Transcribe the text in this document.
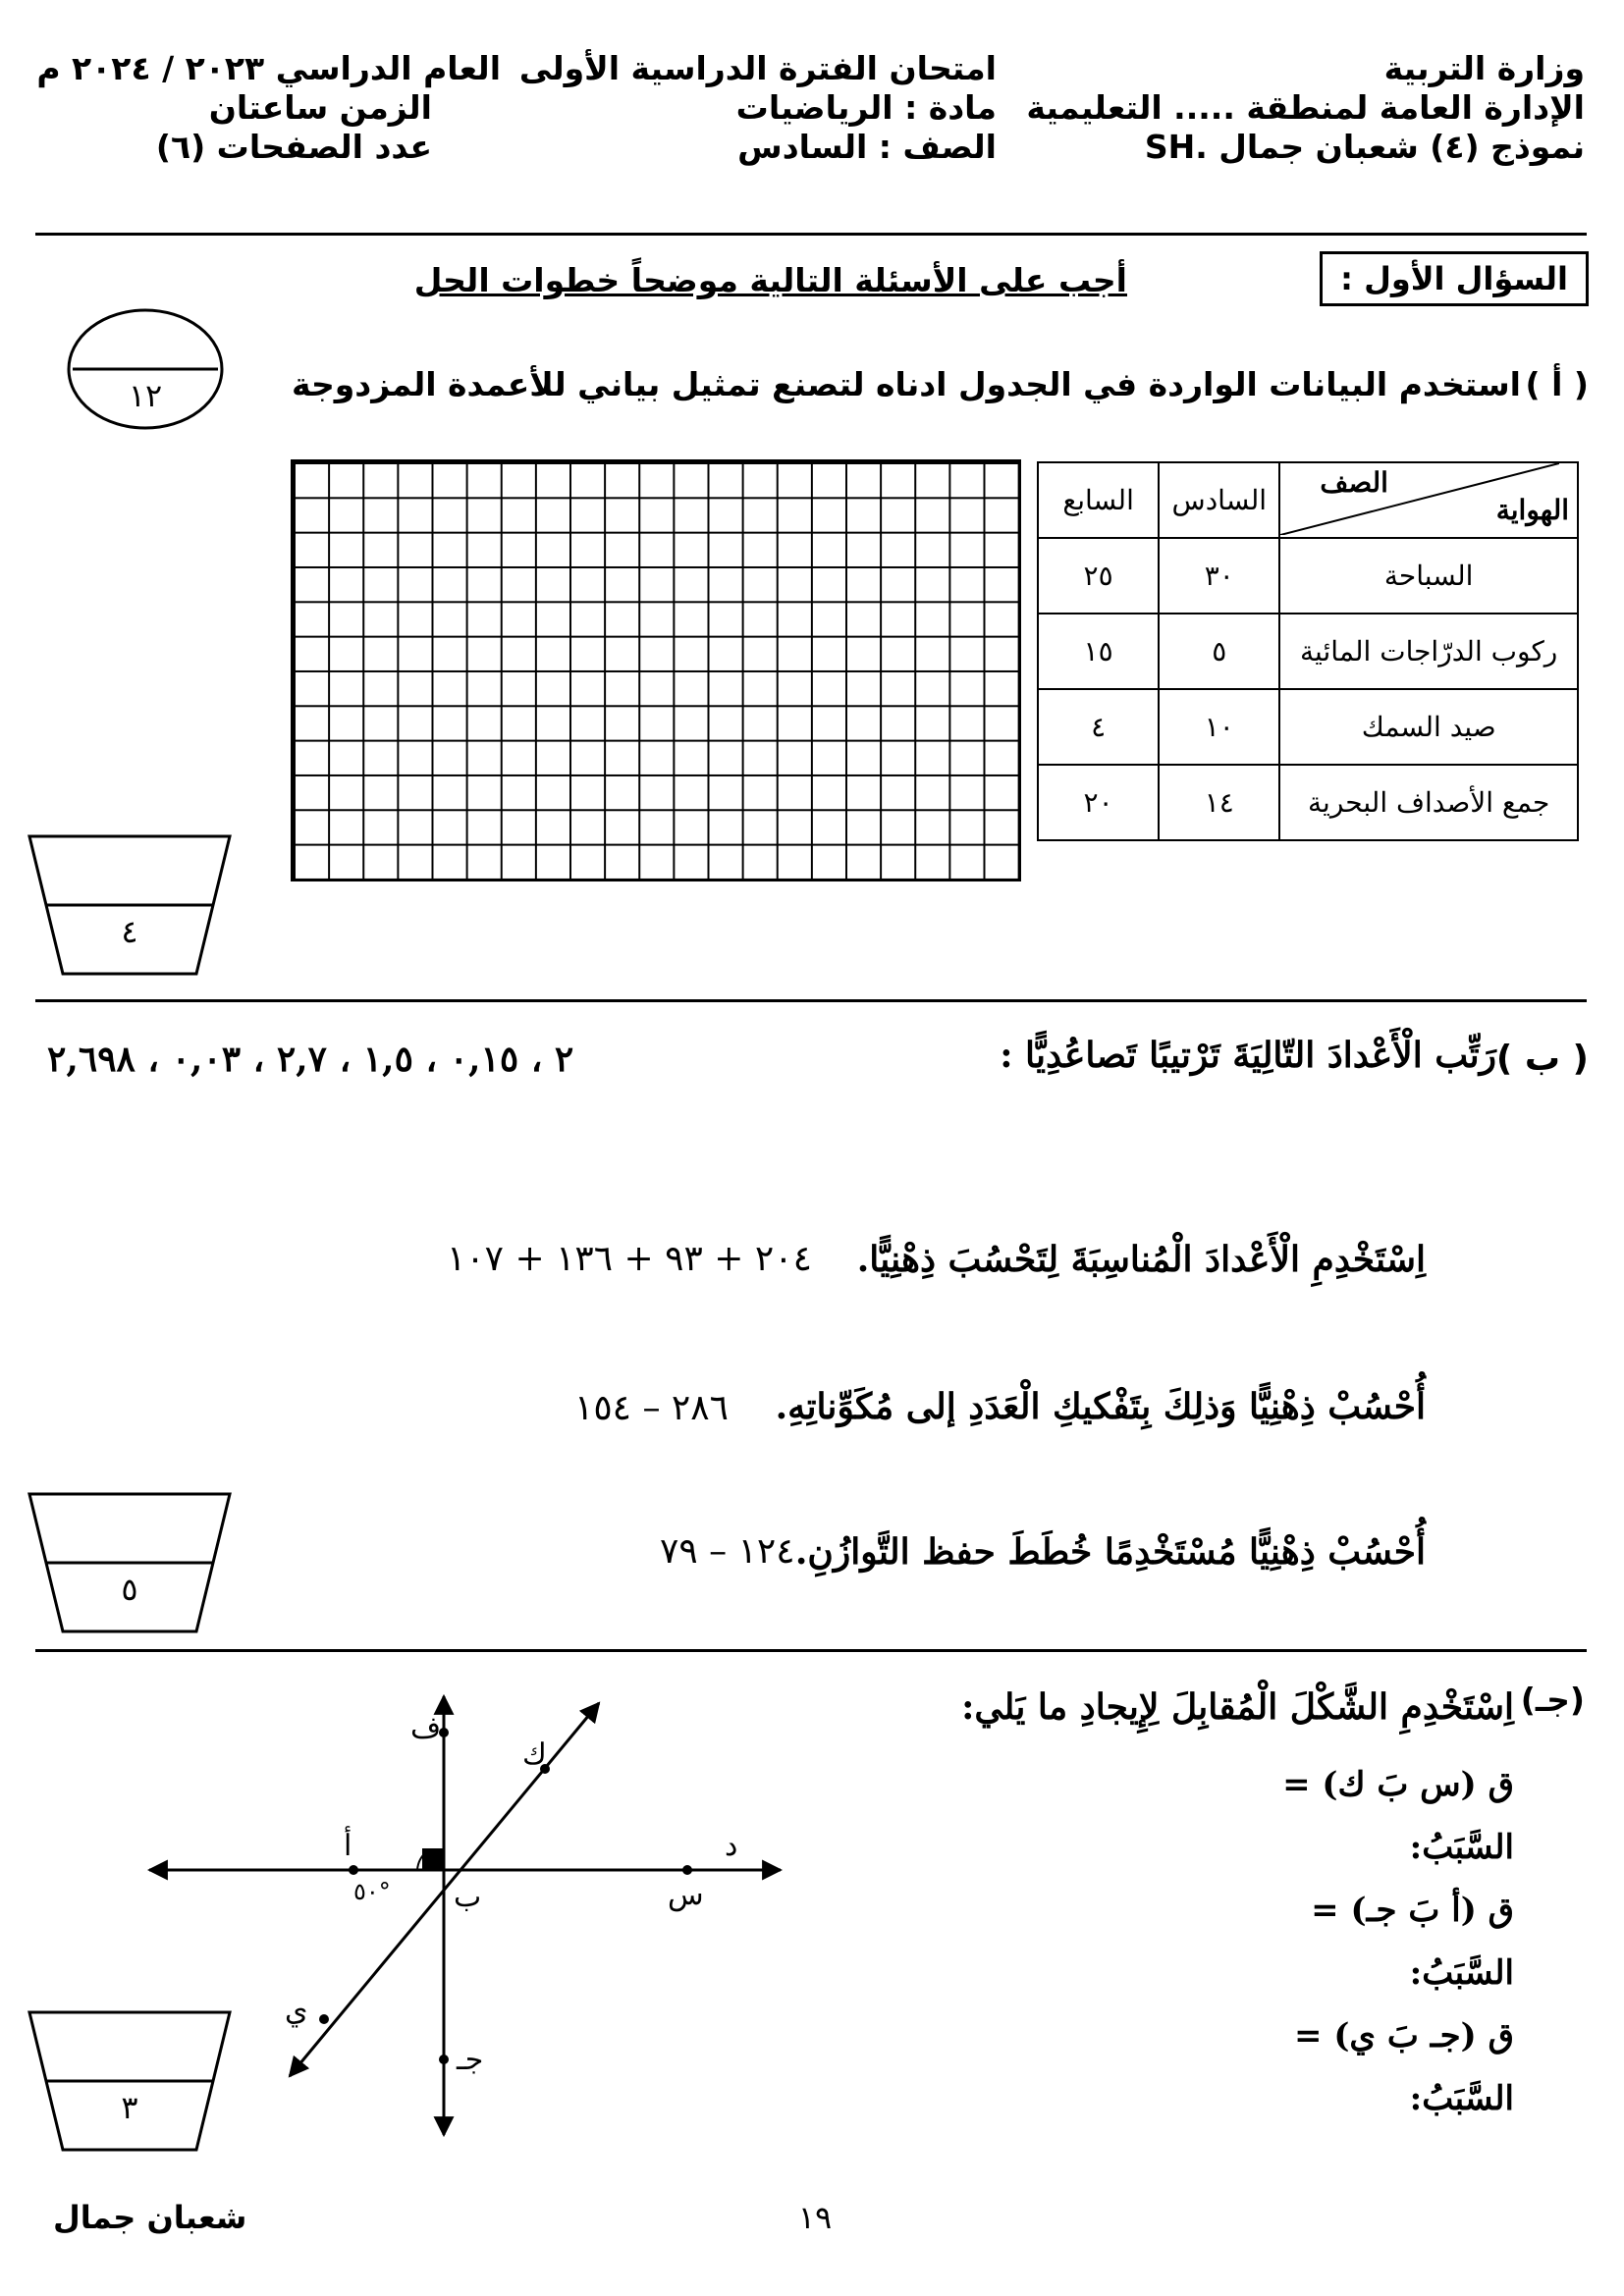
وزارة التربية
الإدارة العامة لمنطقة ..... التعليمية
نموذج (٤) شعبان جمال .SH
امتحان الفترة الدراسية الأولى
مادة : الرياضيات
الصف : السادس
العام الدراسي ٢٠٢٣ / ٢٠٢٤ م
الزمن ساعتان
عدد الصفحات (٦)
السؤال الأول :
أجب على الأسئلة التالية موضحاً خطوات الحل
١٢	( أ )
استخدم البيانات الواردة في الجدول ادناه لتصنع تمثيل بياني للأعمدة المزدوجة
الصف
الهواية	السادس	السابع
السباحة	٣٠	٢٥
ركوب الدرّاجات المائية	٥	١٥
صيد السمك	١٠	٤
جمع الأصداف البحرية	١٤	٢٠
٤
( ب )
رَتِّب الْأَعْدادَ التّالِيَةَ تَرْتيبًا تَصاعُدِيًّا :
٢ ، ٠,١٥ ، ١,٥ ، ٢,٧ ، ٠,٠٣ ، ٢,٦٩٨
اِسْتَخْدِمِ الْأَعْدادَ الْمُناسِبَةَ لِتَحْسُبَ ذِهْنِيًّا.
٢٠٤ + ٩٣ + ١٣٦ + ١٠٧
أُحْسُبْ ذِهْنِيًّا وَذلِكَ بِتَفْكيكِ الْعَدَدِ إلى مُكَوِّناتِهِ.
٢٨٦ – ١٥٤
أُحْسُبْ ذِهْنِيًّا مُسْتَخْدِمًا خُطَطَ حفظ التَّوازُنِ.
١٢٤ – ٧٩
٥
(جـ)
اِسْتَخْدِمِ الشَّكْلَ الْمُقابِلَ لِإِيجادِ ما يَلي:
ق (س بَ ك) =
السَّبَبُ:
ق (أ بَ جـ) =
السَّبَبُ:
ق (جـ بَ ي) =
السَّبَبُ:
ف
ك
أ	د
س
ب
٥٠°
ي
جـ
٣
١٩
شعبان جمال
